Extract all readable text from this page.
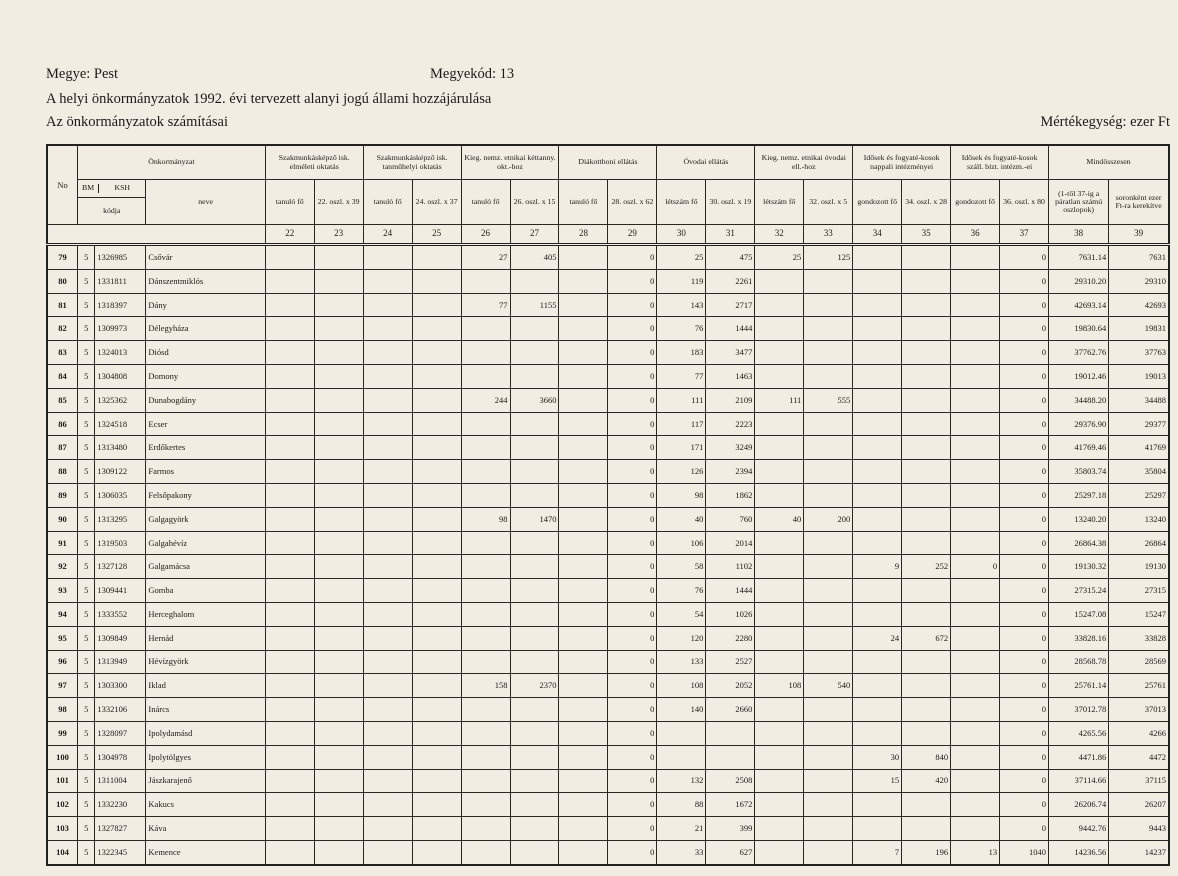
Megye: Pest	Megyekód: 13
A helyi önkormányzatok 1992. évi tervezett alanyi jogú állami hozzájárulása
Az önkormányzatok számításai	Mértékegység: ezer Ft
No	Önkormányzat			Szakmunkásképző isk. elméleti oktatás		Szakmunkásképző isk. tanműhelyi oktatás		Kieg. nemz. etnikai kéttanny. okt.-hoz		Diákotthoni ellátás		Óvodai ellátás		Kieg. nemz. etnikai óvodai ell.-hoz		Idősek és fogyaté-kosok nappali intézményei		Idősek és fogyaté-kosok száll. bizt. intézm.-ei		Mindösszesen	

	BM KSH
kódja		neve	tanuló fő	22. oszl. x 39	tanuló fő	24. oszl. x 37	tanuló fő	26. oszl. x 15	tanuló fő	28. oszl. x 62	létszám fő	30. oszl. x 19	létszám fő	32. oszl. x 5	gondozott fő	34. oszl. x 28	gondozott fő	36. oszl. x 80	(1-től 37-ig a páratlan számú oszlopok)	soronként ezer Ft-ra kerekítve
				22	23	24	25	26	27	28	29	30	31	32	33	34	35	36	37	38	39
79	5	1326985	Csővár					27	405		0	25	475	25	125				0	7631.14	7631
80	5	1331811	Dánszentmiklós								0	119	2261						0	29310.20	29310
81	5	1318397	Dány					77	1155		0	143	2717						0	42693.14	42693
82	5	1309973	Délegyháza								0	76	1444						0	19830.64	19831
83	5	1324013	Diósd								0	183	3477						0	37762.76	37763
84	5	1304808	Domony								0	77	1463						0	19012.46	19013
85	5	1325362	Dunabogdány					244	3660		0	111	2109	111	555				0	34488.20	34488
86	5	1324518	Ecser								0	117	2223						0	29376.90	29377
87	5	1313480	Erdőkertes								0	171	3249						0	41769.46	41769
88	5	1309122	Farmos								0	126	2394						0	35803.74	35804
89	5	1306035	Felsőpakony								0	98	1862						0	25297.18	25297
90	5	1313295	Galgagyörk					98	1470		0	40	760	40	200				0	13240.20	13240
91	5	1319503	Galgahévíz								0	106	2014						0	26864.38	26864
92	5	1327128	Galgamácsa								0	58	1102			9	252	0	0	19130.32	19130
93	5	1309441	Gomba								0	76	1444						0	27315.24	27315
94	5	1333552	Herceghalom								0	54	1026						0	15247.08	15247
95	5	1309849	Hernád								0	120	2280			24	672		0	33828.16	33828
96	5	1313949	Hévízgyörk								0	133	2527						0	28568.78	28569
97	5	1303300	Iklad					158	2370		0	108	2052	108	540				0	25761.14	25761
98	5	1332106	Inárcs								0	140	2660						0	37012.78	37013
99	5	1328097	Ipolydamásd								0								0	4265.56	4266
100	5	1304978	Ipolytölgyes								0					30	840		0	4471.86	4472
101	5	1311004	Jászkarajenő								0	132	2508			15	420		0	37114.66	37115
102	5	1332230	Kakucs								0	88	1672						0	26206.74	26207
103	5	1327827	Káva								0	21	399						0	9442.76	9443
104	5	1322345	Kemence								0	33	627			7	196	13	1040	14236.56	14237
